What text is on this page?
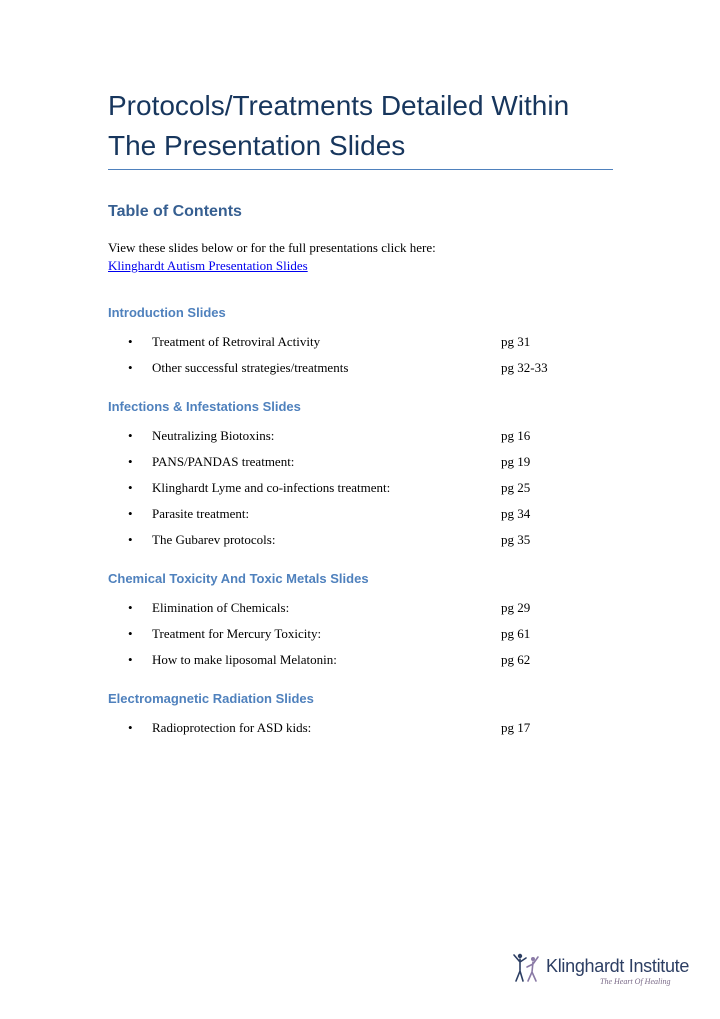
Protocols/Treatments Detailed Within The Presentation Slides
Table of Contents
View these slides below or for the full presentations click here:
Klinghardt Autism Presentation Slides
Introduction Slides
•	Treatment of Retroviral Activity	pg 31
•	Other successful strategies/treatments	pg 32-33
Infections & Infestations Slides
•	Neutralizing Biotoxins:	pg 16
•	PANS/PANDAS treatment:	pg 19
•	Klinghardt Lyme and co-infections treatment:	pg 25
•	Parasite treatment:	pg 34
•	The Gubarev protocols:	pg 35
Chemical Toxicity And Toxic Metals Slides
•	Elimination of Chemicals:	pg 29
•	Treatment for Mercury Toxicity:	pg 61
•	How to make liposomal Melatonin:	pg 62
Electromagnetic Radiation Slides
•	Radioprotection for ASD kids:	pg 17
Klinghardt Institute
The Heart Of Healing
